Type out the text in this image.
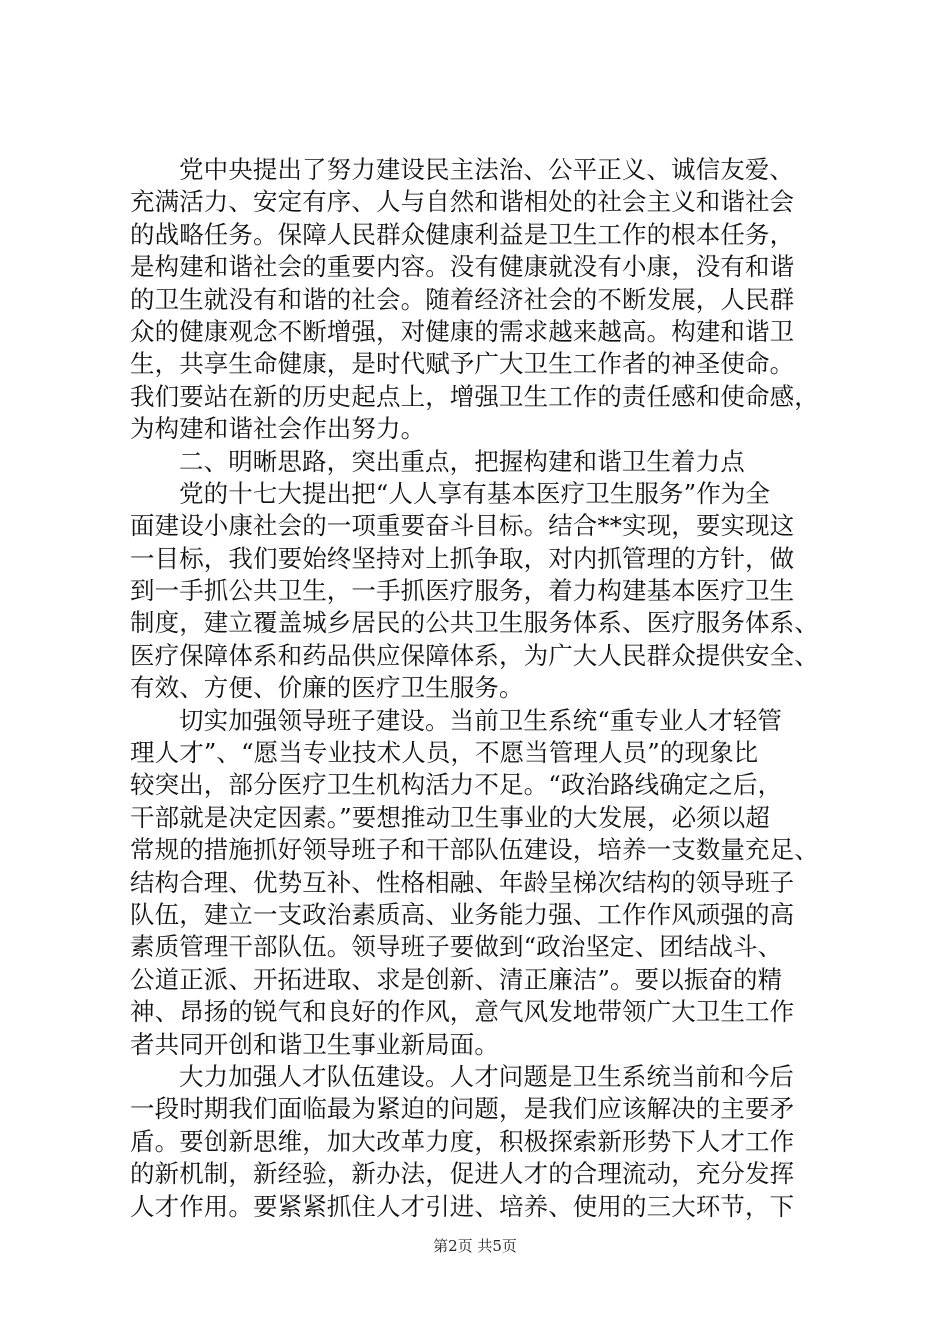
党中央提出了努力建设民主法治、公平正义、诚信友爱、
充满活力、安定有序、人与自然和谐相处的社会主义和谐社会
的战略任务。保障人民群众健康利益是卫生工作的根本任务，
是构建和谐社会的重要内容。没有健康就没有小康，没有和谐
的卫生就没有和谐的社会。随着经济社会的不断发展，人民群
众的健康观念不断增强，对健康的需求越来越高。构建和谐卫
生，共享生命健康，是时代赋予广大卫生工作者的神圣使命。
我们要站在新的历史起点上，增强卫生工作的责任感和使命感，
为构建和谐社会作出努力。
二、明晰思路，突出重点，把握构建和谐卫生着力点
党的十七大提出把“人人享有基本医疗卫生服务”作为全
面建设小康社会的一项重要奋斗目标。结合**实现，要实现这
一目标，我们要始终坚持对上抓争取，对内抓管理的方针，做
到一手抓公共卫生，一手抓医疗服务，着力构建基本医疗卫生
制度，建立覆盖城乡居民的公共卫生服务体系、医疗服务体系、
医疗保障体系和药品供应保障体系，为广大人民群众提供安全、
有效、方便、价廉的医疗卫生服务。
切实加强领导班子建设。当前卫生系统“重专业人才轻管
理人才”、“愿当专业技术人员，不愿当管理人员”的现象比
较突出，部分医疗卫生机构活力不足。“政治路线确定之后，
干部就是决定因素。”要想推动卫生事业的大发展，必须以超
常规的措施抓好领导班子和干部队伍建设，培养一支数量充足、
结构合理、优势互补、性格相融、年龄呈梯次结构的领导班子
队伍，建立一支政治素质高、业务能力强、工作作风顽强的高
素质管理干部队伍。领导班子要做到“政治坚定、团结战斗、
公道正派、开拓进取、求是创新、清正廉洁”。要以振奋的精
神、昂扬的锐气和良好的作风，意气风发地带领广大卫生工作
者共同开创和谐卫生事业新局面。
大力加强人才队伍建设。人才问题是卫生系统当前和今后
一段时期我们面临最为紧迫的问题，是我们应该解决的主要矛
盾。要创新思维，加大改革力度，积极探索新形势下人才工作
的新机制，新经验，新办法，促进人才的合理流动，充分发挥
人才作用。要紧紧抓住人才引进、培养、使用的三大环节，下
第2页 共5页
